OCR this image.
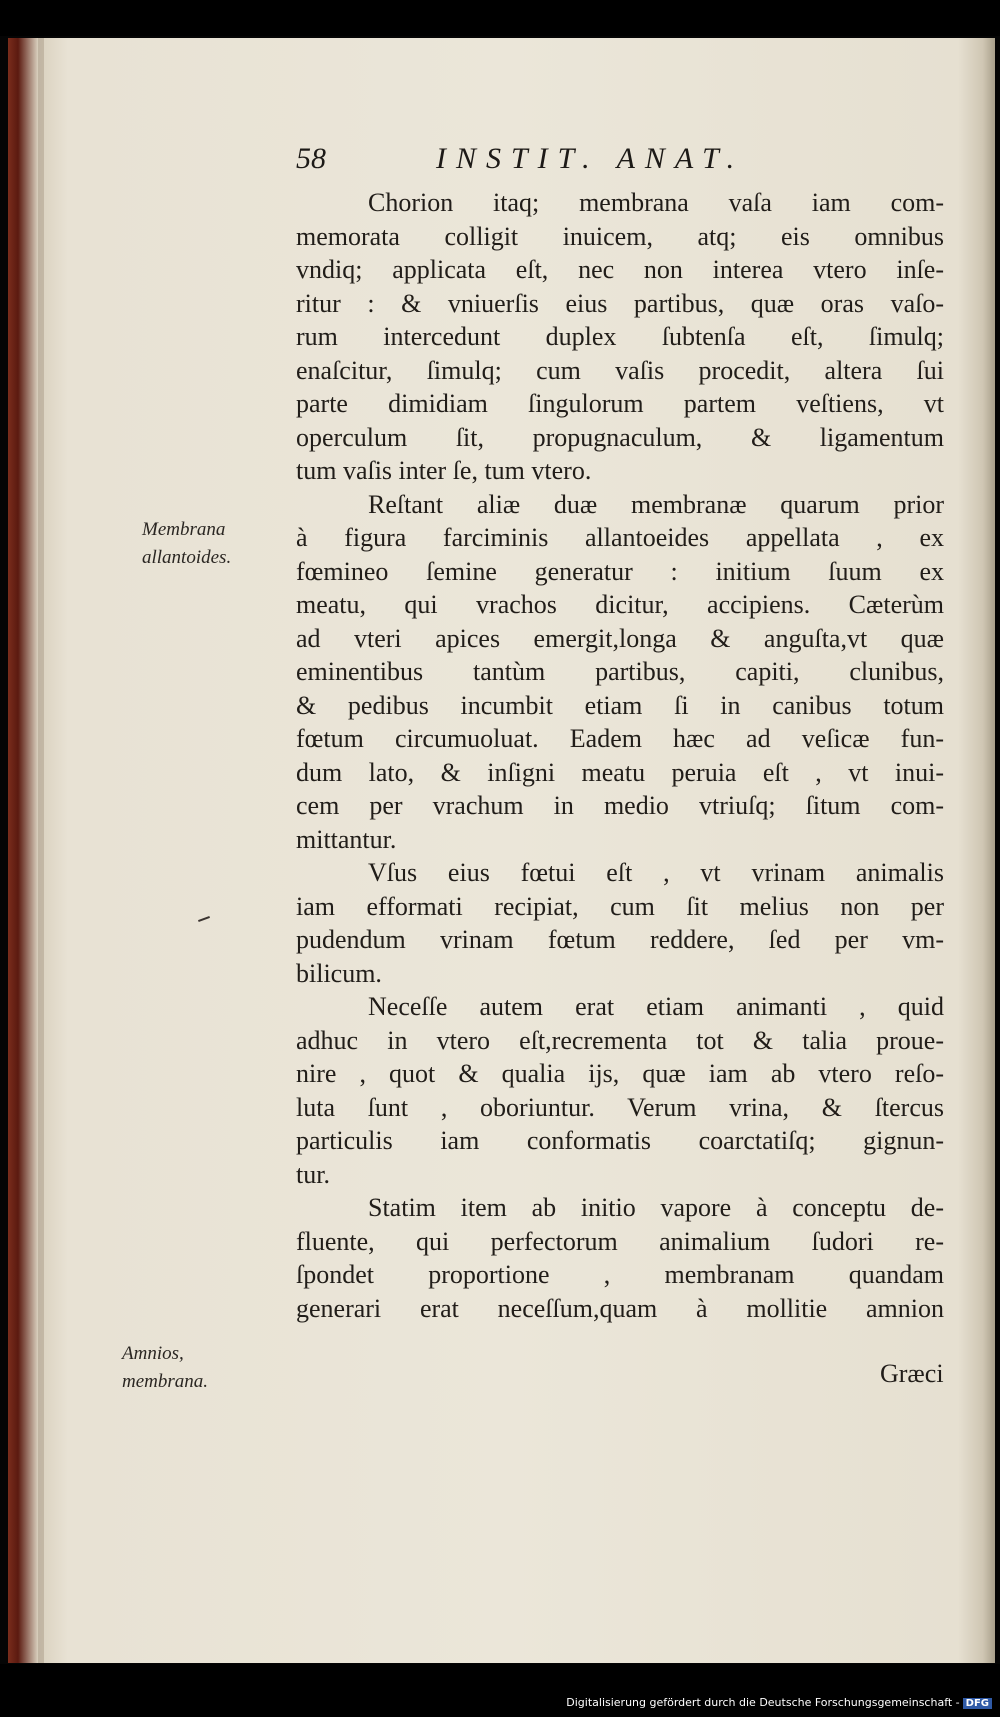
58	INSTIT. ANAT.
Membrana allantoides.
Amnios, membrana.
Chorion itaq; membrana vaſa iam com-
memorata colligit inuicem, atq; eis omnibus
vndiq; applicata eſt, nec non interea vtero inſe-
ritur : & vniuerſis eius partibus, quæ oras vaſo-
rum intercedunt duplex ſubtenſa eſt, ſimulq;
enaſcitur, ſimulq; cum vaſis procedit, altera ſui
parte dimidiam ſingulorum partem veſtiens, vt
operculum ſit, propugnaculum, & ligamentum
tum vaſis inter ſe, tum vtero.
Reſtant aliæ duæ membranæ quarum prior
à figura farciminis allantoeides appellata , ex
fœmineo ſemine generatur : initium ſuum ex
meatu, qui vrachos dicitur, accipiens. Cæterùm
ad vteri apices emergit,longa & anguſta,vt quæ
eminentibus tantùm partibus, capiti, clunibus,
& pedibus incumbit etiam ſi in canibus totum
fœtum circumuoluat. Eadem hæc ad veſicæ fun-
dum lato, & inſigni meatu peruia eſt , vt inui-
cem per vrachum in medio vtriuſq; ſitum com-
mittantur.
Vſus eius fœtui eſt , vt vrinam animalis
iam efformati recipiat, cum ſit melius non per
pudendum vrinam fœtum reddere, ſed per vm-
bilicum.
Neceſſe autem erat etiam animanti , quid
adhuc in vtero eſt,recrementa tot & talia proue-
nire , quot & qualia ijs, quæ iam ab vtero reſo-
luta ſunt , oboriuntur. Verum vrina, & ſtercus
particulis iam conformatis coarctatiſq; gignun-
tur.
Statim item ab initio vapore à conceptu de-
fluente, qui perfectorum animalium ſudori re-
ſpondet proportione , membranam quandam
generari erat neceſſum,quam à mollitie amnion
Græci
Digitalisierung gefördert durch die Deutsche Forschungsgemeinschaft - DFG
